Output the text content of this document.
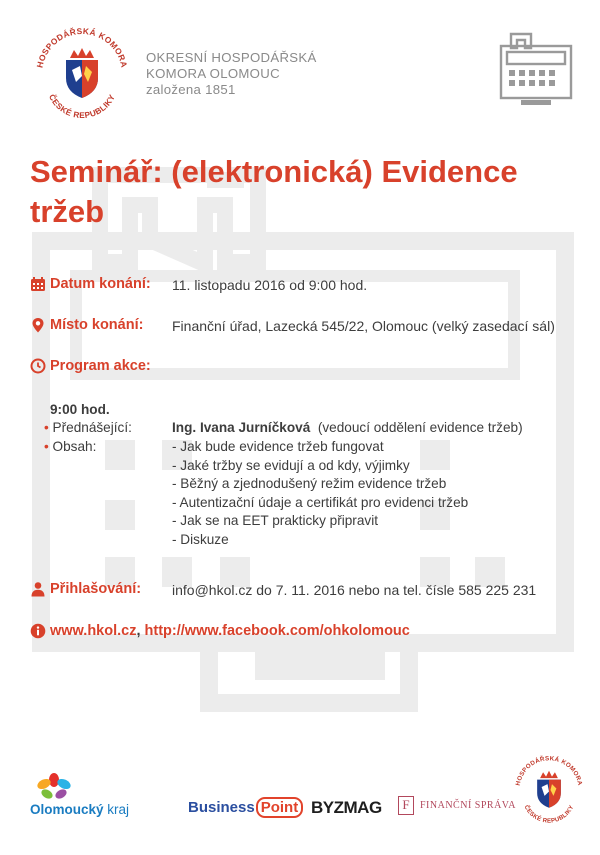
HOSPODÁŘSKÁ KOMORA
ČESKÉ REPUBLIKY
OKRESNÍ HOSPODÁŘSKÁ
KOMORA OLOMOUC
založena 1851
Seminář: (elektronická) Evidence
tržeb
Datum konání: 11. listopadu 2016 od 9:00 hod.
Místo konání: Finanční úřad, Lazecká 545/22, Olomouc (velký zasedací sál)
Program akce:
9:00 hod.
• Přednášející:	Ing. Ivana Jurníčková (vedoucí oddělení evidence tržeb)
• Obsah:	- Jak bude evidence tržeb fungovat
- Jaké tržby se evidují a od kdy, výjimky
- Běžný a zjednodušený režim evidence tržeb
- Autentizační údaje a certifikát pro evidenci tržeb
- Jak se na EET prakticky připravit
- Diskuze
Přihlašování: info@hkol.cz do 7. 11. 2016 nebo na tel. čísle 585 225 231
www.hkol.cz, http://www.facebook.com/ohkolomouc
Olomoucký kraj	Business Point BYZMAG	F	FINANČNÍ SPRÁVA
HOSPODÁŘSKÁ KOMORA
ČESKÉ REPUBLIKY
